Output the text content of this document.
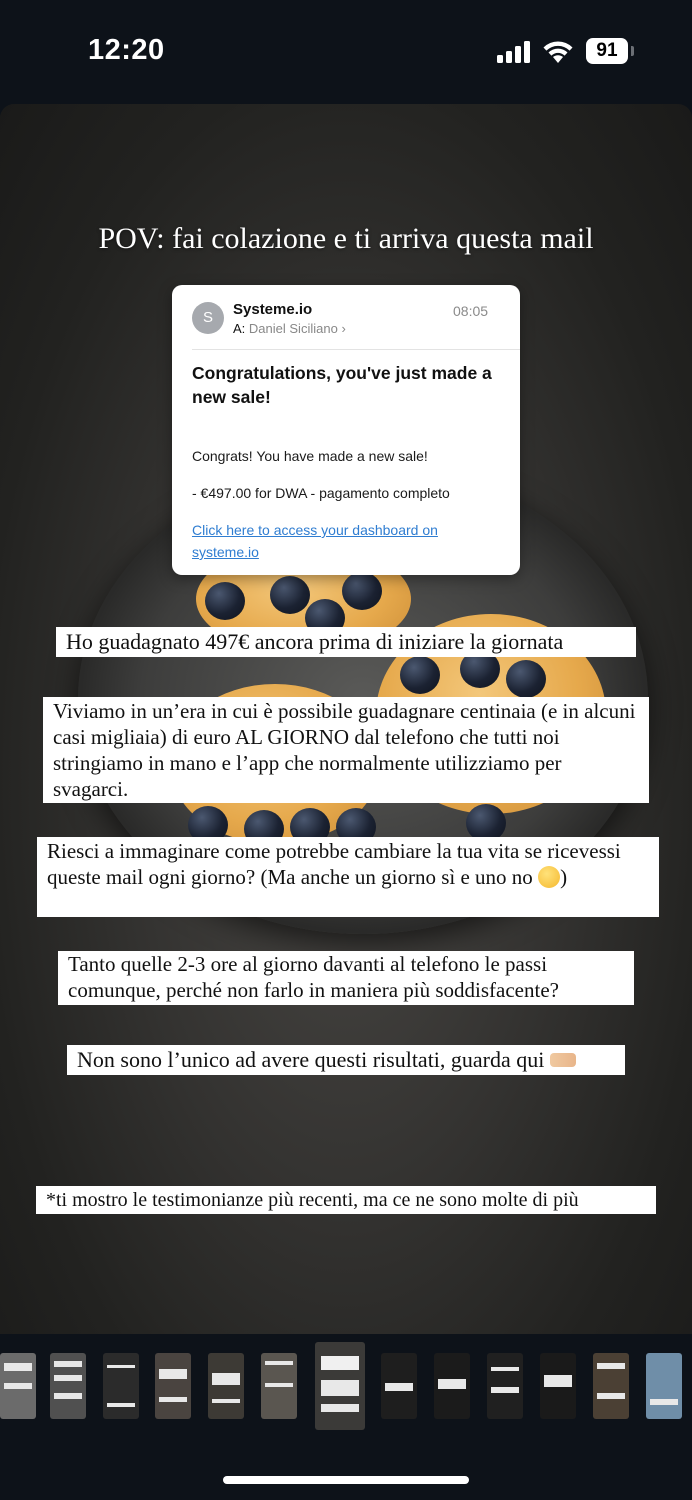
12:20	91
POV: fai colazione e ti arriva questa mail
S	Systeme.io
A: Daniel Siciliano ›
08:05
Congratulations, you've just made a new sale!
Congrats! You have made a new sale!
- €497.00 for DWA - pagamento completo
Click here to access your dashboard on systeme.io
Ho guadagnato 497€ ancora prima di iniziare la giornata
Viviamo in un’era in cui è possibile guadagnare centinaia (e in alcuni casi migliaia) di euro AL GIORNO dal telefono che tutti noi stringiamo in mano e l’app che normalmente utilizziamo per svagarci.
Riesci a immaginare come potrebbe cambiare la tua vita se ricevessi queste mail ogni giorno? (Ma anche un giorno sì e uno no )
Tanto quelle 2-3 ore al giorno davanti al telefono le passi comunque, perché non farlo in maniera più soddisfacente?
Non sono l’unico ad avere questi risultati, guarda qui
*ti mostro le testimonianze più recenti, ma ce ne sono molte di più
